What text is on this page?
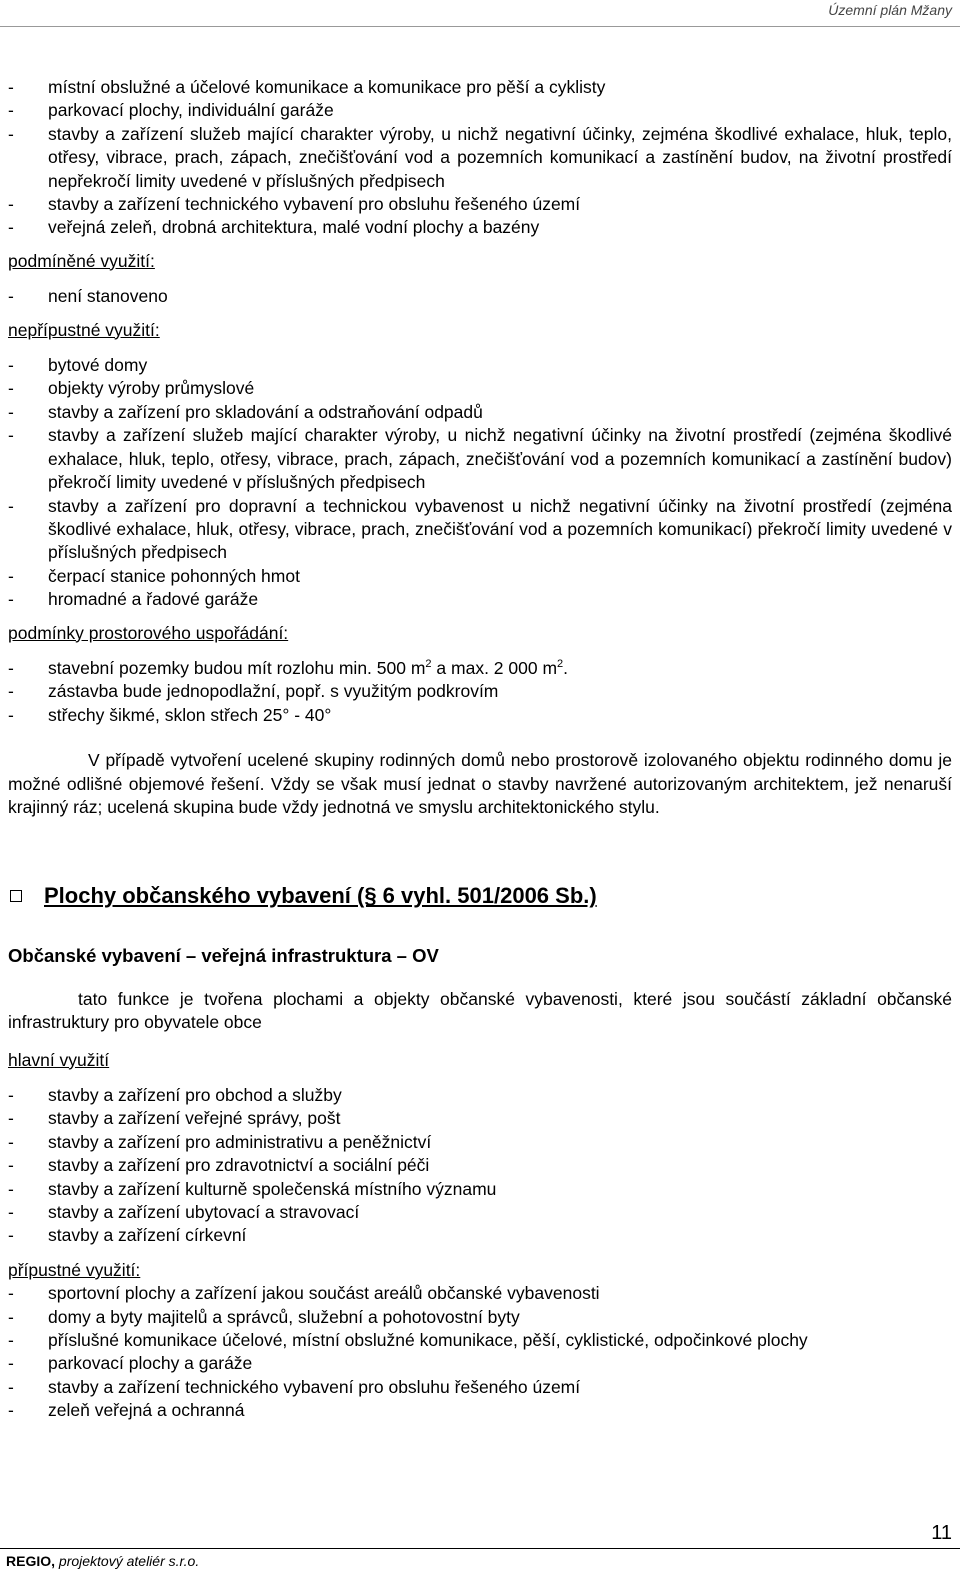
Územní plán Mžany
- místní obslužné a účelové komunikace a komunikace pro pěší a cyklisty
- parkovací plochy, individuální garáže
- stavby a zařízení služeb mající charakter výroby, u nichž negativní účinky, zejména škodlivé exhalace, hluk, teplo, otřesy, vibrace, prach, zápach, znečišťování vod a pozemních komunikací a zastínění budov, na životní prostředí nepřekročí limity uvedené v příslušných předpisech
- stavby a zařízení technického vybavení pro obsluhu řešeného území
- veřejná zeleň, drobná architektura, malé vodní plochy a bazény
podmíněné využití:
- není stanoveno
nepřípustné využití:
- bytové domy
- objekty výroby průmyslové
- stavby a zařízení pro skladování a odstraňování odpadů
- stavby a zařízení služeb mající charakter výroby, u nichž negativní účinky na životní prostředí (zejména škodlivé exhalace, hluk, teplo, otřesy, vibrace, prach, zápach, znečišťování vod a pozemních komunikací a zastínění budov) překročí limity uvedené v příslušných předpisech
- stavby a zařízení pro dopravní a technickou vybavenost u nichž negativní účinky na životní prostředí (zejména škodlivé exhalace, hluk, otřesy, vibrace, prach, znečišťování vod a pozemních komunikací) překročí limity uvedené v příslušných předpisech
- čerpací stanice pohonných hmot
- hromadné a řadové garáže
podmínky prostorového uspořádání:
- stavební pozemky budou mít rozlohu min. 500 $m^2$ a max. 2 000 $m^2$.
- zástavba bude jednopodlažní, popř. s využitým podkrovím
- střechy šikmé, sklon střech 25° - 40°
V případě vytvoření ucelené skupiny rodinných domů nebo prostorově izolovaného objektu rodinného domu je možné odlišné objemové řešení. Vždy se však musí jednat o stavby navržené autorizovaným architektem, jež nenaruší krajinný ráz; ucelená skupina bude vždy jednotná ve smyslu architektonického stylu.
Plochy občanského vybavení (§ 6 vyhl. 501/2006 Sb.)
Občanské vybavení – veřejná infrastruktura – OV
tato funkce je tvořena plochami a objekty občanské vybavenosti, které jsou součástí základní občanské infrastruktury pro obyvatele obce
hlavní využití
- stavby a zařízení pro obchod a služby
- stavby a zařízení veřejné správy, pošt
- stavby a zařízení pro administrativu a peněžnictví
- stavby a zařízení pro zdravotnictví a sociální péči
- stavby a zařízení kulturně společenská místního významu
- stavby a zařízení ubytovací a stravovací
- stavby a zařízení církevní
přípustné využití:
- sportovní plochy a zařízení jakou součást areálů občanské vybavenosti
- domy a byty majitelů a správců, služební a pohotovostní byty
- příslušné komunikace účelové, místní obslužné komunikace, pěší, cyklistické, odpočinkové plochy
- parkovací plochy a garáže
- stavby a zařízení technického vybavení pro obsluhu řešeného území
- zeleň veřejná a ochranná
11
REGIO, projektový ateliér s.r.o.
